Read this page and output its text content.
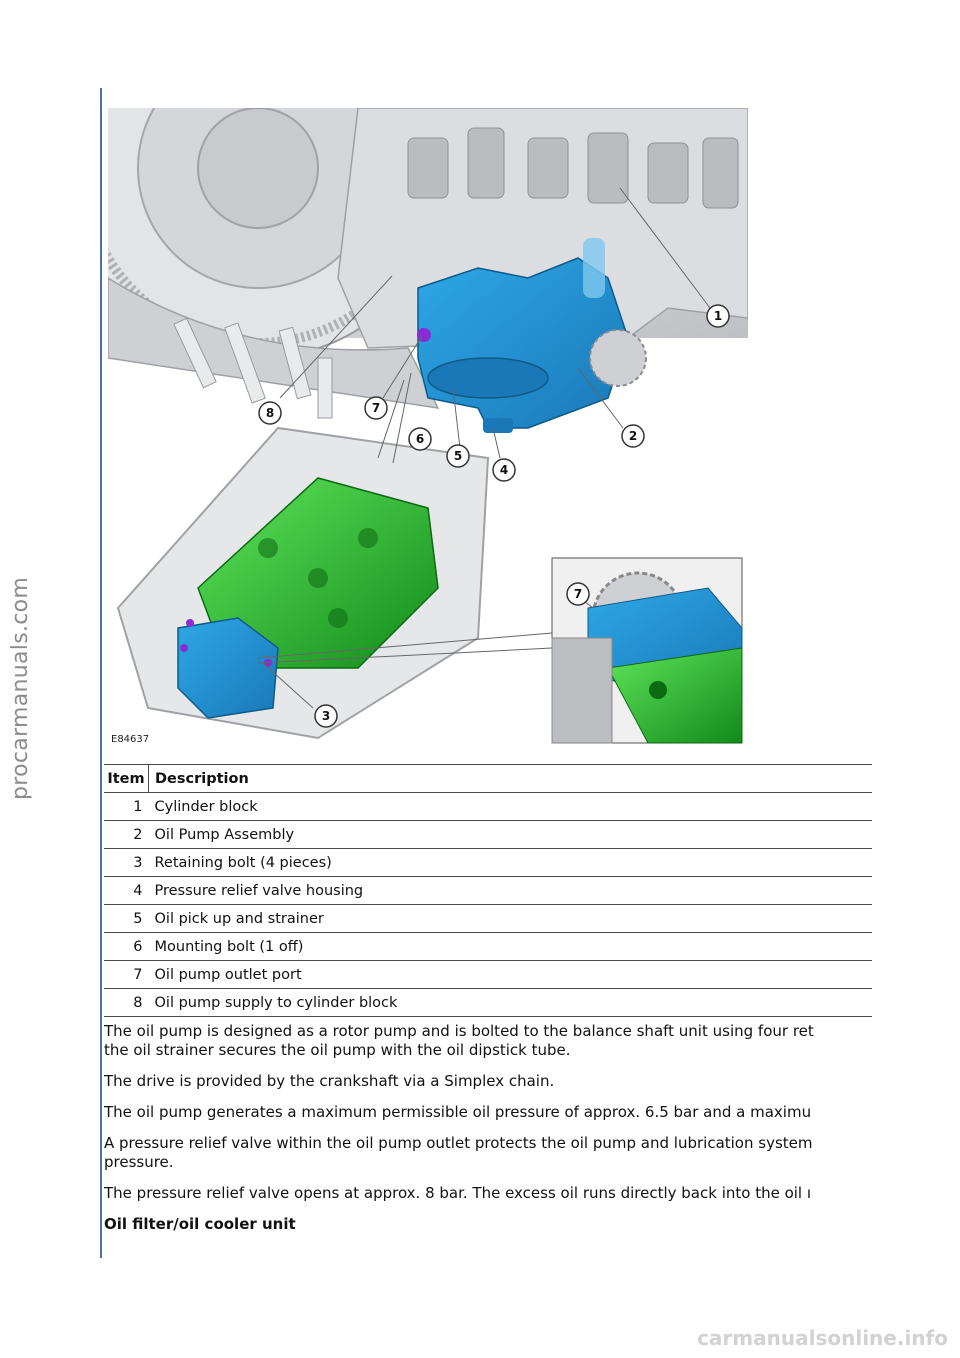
procarmanuals.com
carmanualsonline.info
1
2
3
4
5
6
7
8
7
E84637
Item	Description
1	Cylinder block
2	Oil Pump Assembly
3	Retaining bolt (4 pieces)
4	Pressure relief valve housing
5	Oil pick up and strainer
6	Mounting bolt (1 off)
7	Oil pump outlet port
8	Oil pump supply to cylinder block

The oil pump is designed as a rotor pump and is bolted to the balance shaft unit using four ret
the oil strainer secures the oil pump with the oil dipstick tube.

The drive is provided by the crankshaft via a Simplex chain.

The oil pump generates a maximum permissible oil pressure of approx. 6.5 bar and a maximu

A pressure relief valve within the oil pump outlet protects the oil pump and lubrication system
pressure.

The pressure relief valve opens at approx. 8 bar. The excess oil runs directly back into the oil ı

Oil filter/oil cooler unit
